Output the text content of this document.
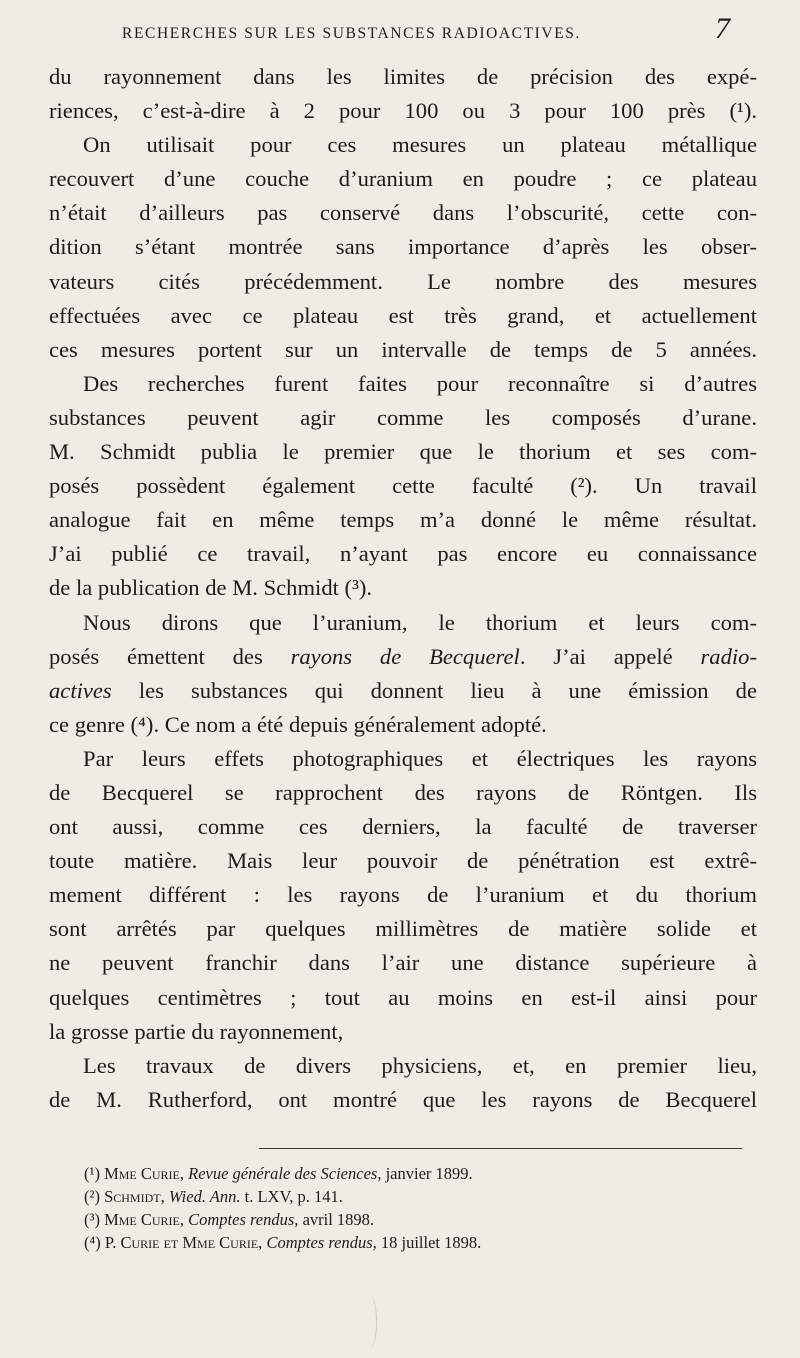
RECHERCHES SUR LES SUBSTANCES RADIOACTIVES.	7

du rayonnement dans les limites de précision des expé-
riences, c’est-à-dire à 2 pour 100 ou 3 pour 100 près (¹).
On utilisait pour ces mesures un plateau métallique
recouvert d’une couche d’uranium en poudre ; ce plateau
n’était d’ailleurs pas conservé dans l’obscurité, cette con-
dition s’étant montrée sans importance d’après les obser-
vateurs cités précédemment. Le nombre des mesures
effectuées avec ce plateau est très grand, et actuellement
ces mesures portent sur un intervalle de temps de 5 années.

Des recherches furent faites pour reconnaître si d’autres
substances peuvent agir comme les composés d’urane.
M. Schmidt publia le premier que le thorium et ses com-
posés possèdent également cette faculté (²). Un travail
analogue fait en même temps m’a donné le même résultat.
J’ai publié ce travail, n’ayant pas encore eu connaissance
de la publication de M. Schmidt (³).

Nous dirons que l’uranium, le thorium et leurs com-
posés émettent des rayons de Becquerel. J’ai appelé radio-
actives les substances qui donnent lieu à une émission de
ce genre (⁴). Ce nom a été depuis généralement adopté.

Par leurs effets photographiques et électriques les rayons
de Becquerel se rapprochent des rayons de Röntgen. Ils
ont aussi, comme ces derniers, la faculté de traverser
toute matière. Mais leur pouvoir de pénétration est extrê-
mement différent : les rayons de l’uranium et du thorium
sont arrêtés par quelques millimètres de matière solide et
ne peuvent franchir dans l’air une distance supérieure à
quelques centimètres ; tout au moins en est-il ainsi pour
la grosse partie du rayonnement,

Les travaux de divers physiciens, et, en premier lieu,
de M. Rutherford, ont montré que les rayons de Becquerel

(¹) Mme Curie, Revue générale des Sciences, janvier 1899.
(²) Schmidt, Wied. Ann. t. LXV, p. 141.
(³) Mme Curie, Comptes rendus, avril 1898.
(⁴) P. Curie et Mme Curie, Comptes rendus, 18 juillet 1898.
